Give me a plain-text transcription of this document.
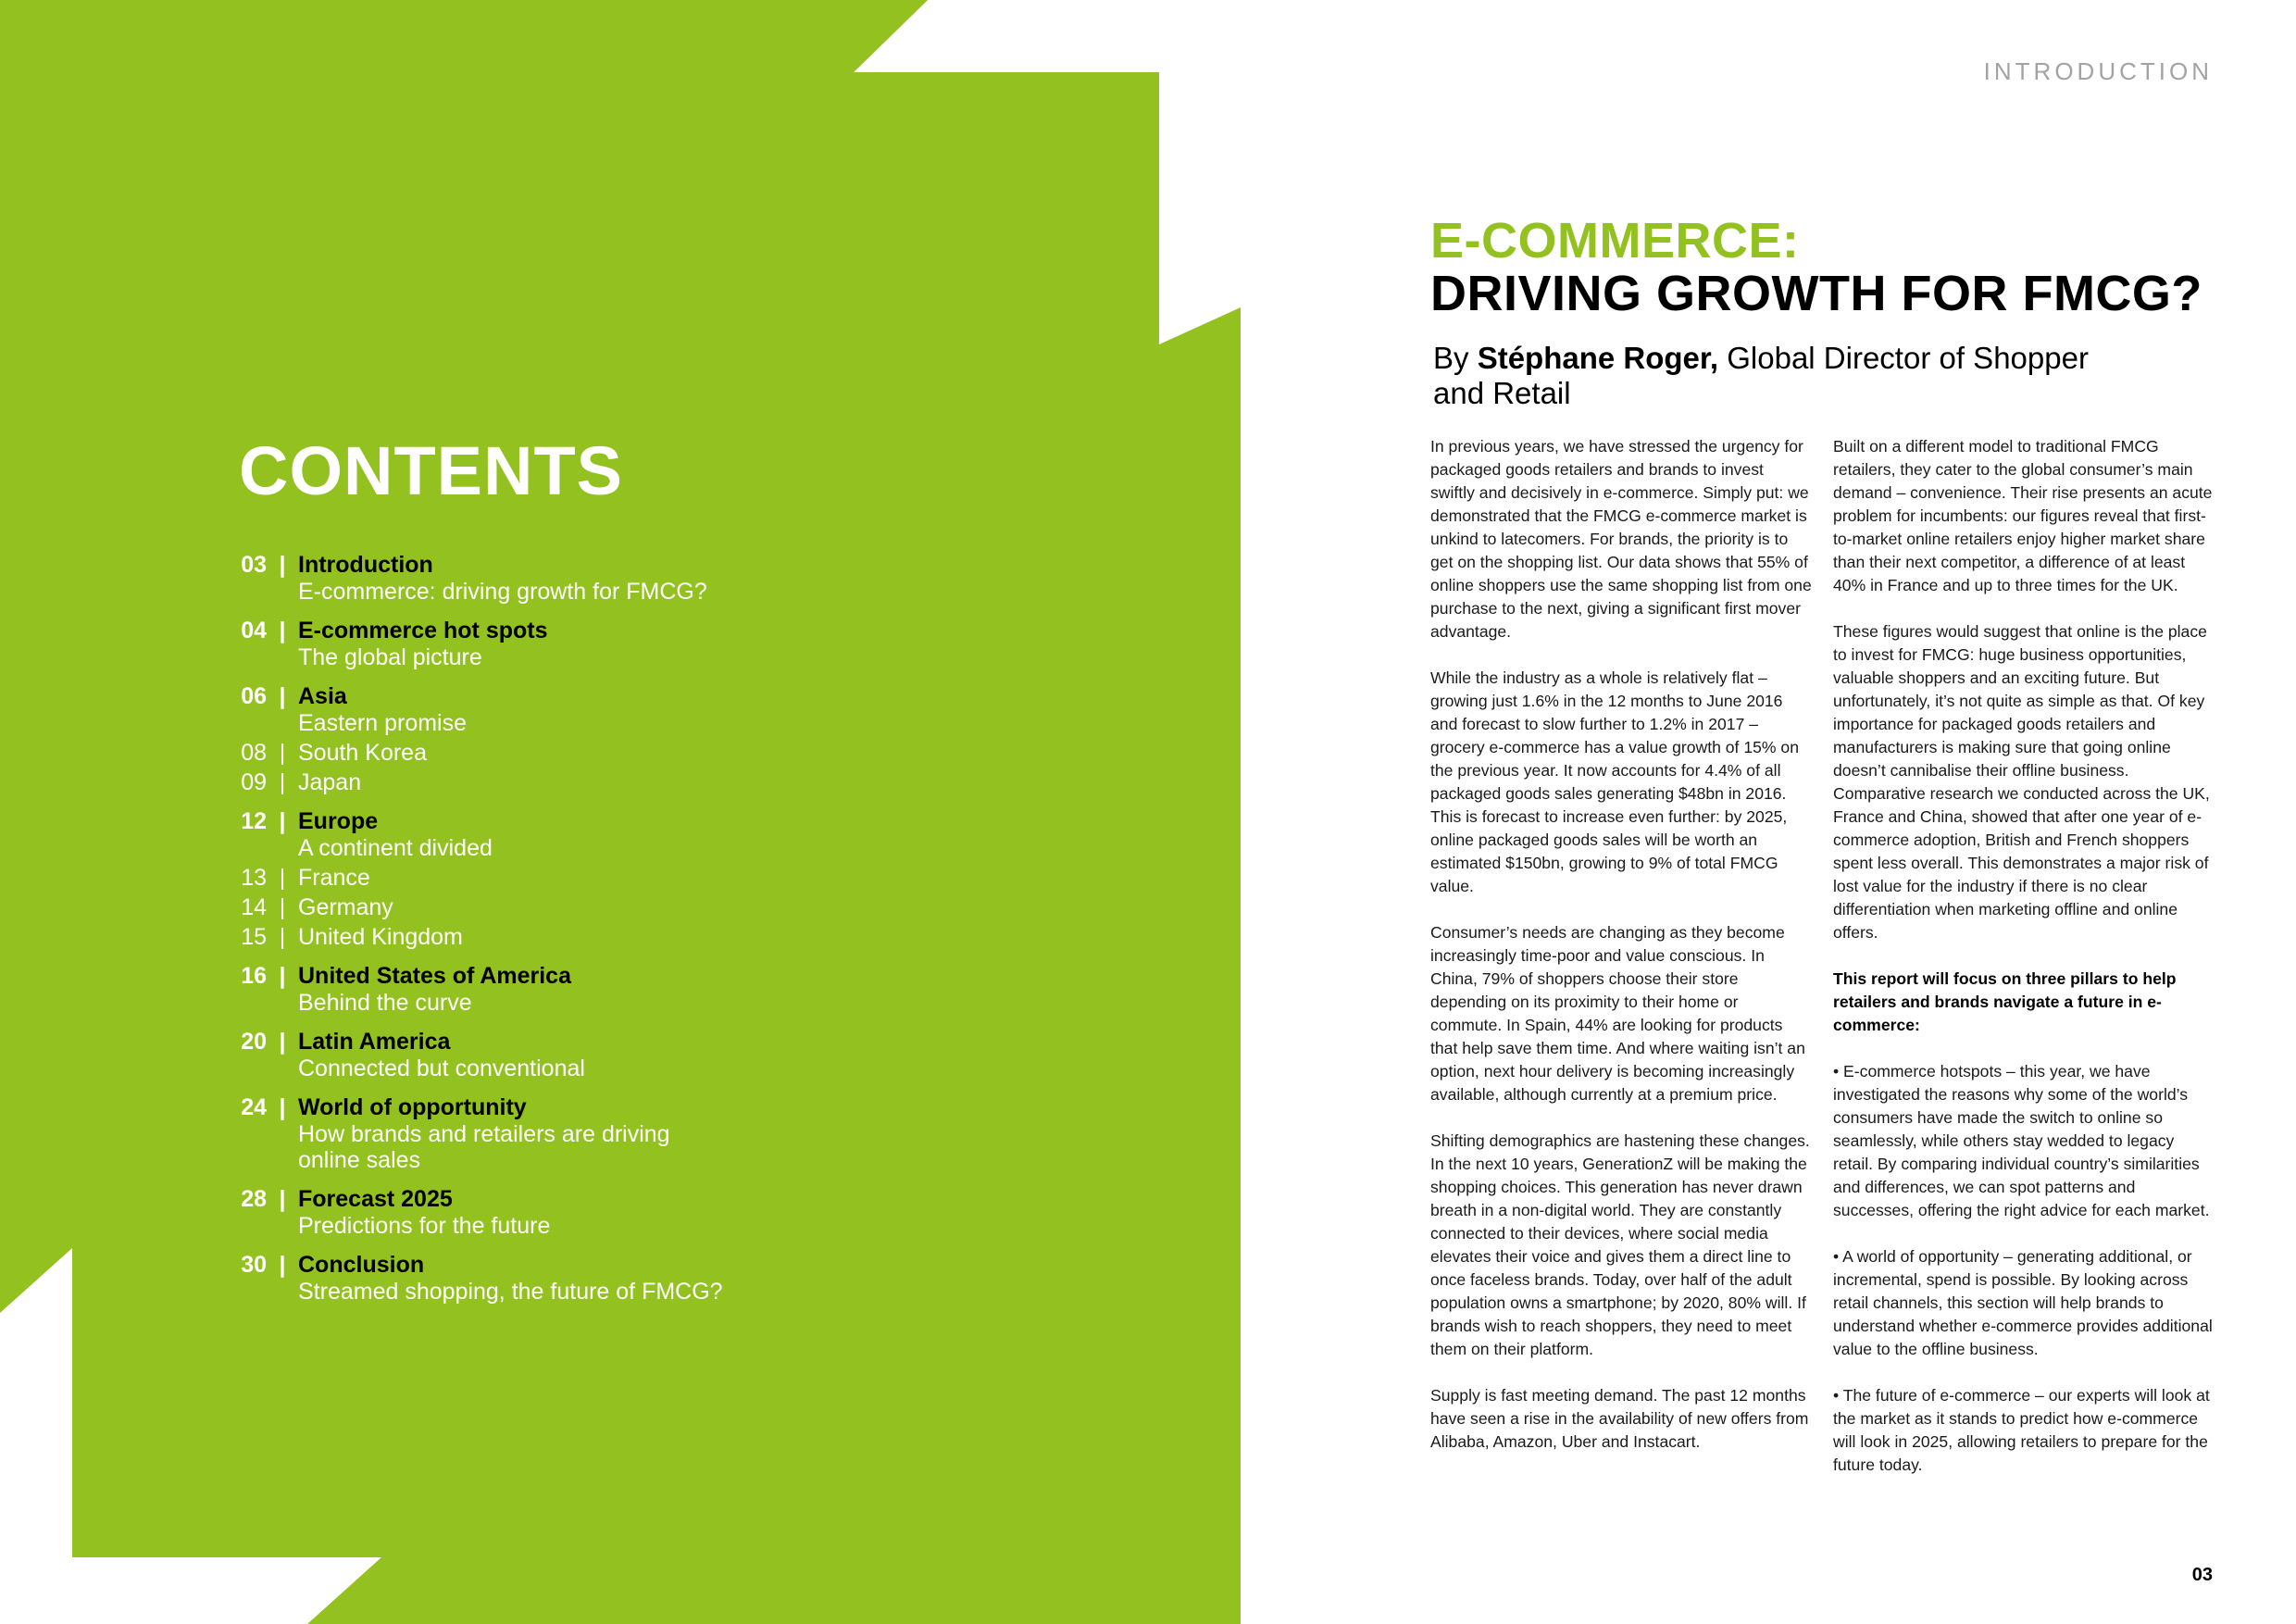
CONTENTS
03 | Introduction
E-commerce: driving growth for FMCG?
04 | E-commerce hot spots
The global picture
06 | Asia
Eastern promise
08 | South Korea
09 | Japan
12 | Europe
A continent divided
13 | France
14 | Germany
15 | United Kingdom
16 | United States of America
Behind the curve
20 | Latin America
Connected but conventional
24 | World of opportunity
How brands and retailers are driving online sales
28 | Forecast 2025
Predictions for the future
30 | Conclusion
Streamed shopping, the future of FMCG?
INTRODUCTION
E-COMMERCE:
DRIVING GROWTH FOR FMCG?

By Stéphane Roger, Global Director of Shopper and Retail

In previous years, we have stressed the urgency for packaged goods retailers and brands to invest swiftly and decisively in e-commerce. Simply put: we demonstrated that the FMCG e-commerce market is unkind to latecomers. For brands, the priority is to get on the shopping list. Our data shows that 55% of online shoppers use the same shopping list from one purchase to the next, giving a significant first mover advantage.

While the industry as a whole is relatively flat – growing just 1.6% in the 12 months to June 2016 and forecast to slow further to 1.2% in 2017 – grocery e-commerce has a value growth of 15% on the previous year. It now accounts for 4.4% of all packaged goods sales generating $48bn in 2016. This is forecast to increase even further: by 2025, online packaged goods sales will be worth an estimated $150bn, growing to 9% of total FMCG value.

Consumer’s needs are changing as they become increasingly time-poor and value conscious. In China, 79% of shoppers choose their store depending on its proximity to their home or commute. In Spain, 44% are looking for products that help save them time. And where waiting isn’t an option, next hour delivery is becoming increasingly available, although currently at a premium price.

Shifting demographics are hastening these changes. In the next 10 years, GenerationZ will be making the shopping choices. This generation has never drawn breath in a non-digital world. They are constantly connected to their devices, where social media elevates their voice and gives them a direct line to once faceless brands. Today, over half of the adult population owns a smartphone; by 2020, 80% will. If brands wish to reach shoppers, they need to meet them on their platform.

Supply is fast meeting demand. The past 12 months have seen a rise in the availability of new offers from Alibaba, Amazon, Uber and Instacart.

Built on a different model to traditional FMCG retailers, they cater to the global consumer’s main demand – convenience. Their rise presents an acute problem for incumbents: our figures reveal that first-to-market online retailers enjoy higher market share than their next competitor, a difference of at least 40% in France and up to three times for the UK.

These figures would suggest that online is the place to invest for FMCG: huge business opportunities, valuable shoppers and an exciting future. But unfortunately, it’s not quite as simple as that. Of key importance for packaged goods retailers and manufacturers is making sure that going online doesn’t cannibalise their offline business. Comparative research we conducted across the UK, France and China, showed that after one year of e-commerce adoption, British and French shoppers spent less overall. This demonstrates a major risk of lost value for the industry if there is no clear differentiation when marketing offline and online offers.

This report will focus on three pillars to help retailers and brands navigate a future in e-commerce:

• E-commerce hotspots – this year, we have investigated the reasons why some of the world’s consumers have made the switch to online so seamlessly, while others stay wedded to legacy retail. By comparing individual country’s similarities and differences, we can spot patterns and successes, offering the right advice for each market.

• A world of opportunity – generating additional, or incremental, spend is possible. By looking across retail channels, this section will help brands to understand whether e-commerce provides additional value to the offline business.

• The future of e-commerce – our experts will look at the market as it stands to predict how e-commerce will look in 2025, allowing retailers to prepare for the future today.

03
